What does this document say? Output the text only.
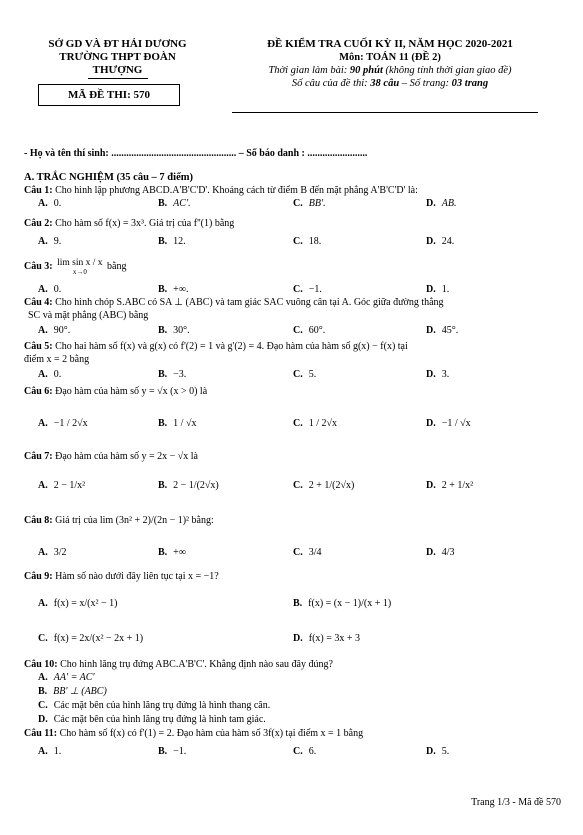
SỞ GD VÀ ĐT HẢI DƯƠNG
TRƯỜNG THPT ĐOÀN
THƯỢNG
MÃ ĐỀ THI: 570
ĐỀ KIỂM TRA CUỐI KỲ II, NĂM HỌC 2020-2021
Môn: TOÁN 11 (ĐỀ 2)
Thời gian làm bài: 90 phút (không tính thời gian giao đề)
Số câu của đề thi: 38 câu – Số trang: 03 trang
- Họ và tên thí sinh: .................................................. – Số báo danh : ........................
A. TRẮC NGHIỆM (35 câu – 7 điểm)
Câu 1: Cho hình lập phương ABCD.A'B'C'D'. Khoảng cách từ điểm B đến mặt phẳng A'B'C'D' là:
A. 0.	B. AC'.	C. BB'.	D. AB.
Câu 2: Cho hàm số f(x) = 3x³. Giá trị của f''(1) bằng
A. 9.	B. 12.	C. 18.	D. 24.
Câu 3: lim sin x / x
x→0
bằng
A. 0.	B. +∞.	C. −1.	D. 1.
Câu 4: Cho hình chóp S.ABC có SA ⊥ (ABC) và tam giác SAC vuông cân tại A. Góc giữa đường thẳng
SC và mặt phẳng (ABC) bằng
A. 90°.	B. 30°.	C. 60°.	D. 45°.
Câu 5: Cho hai hàm số f(x) và g(x) có f'(2) = 1 và g'(2) = 4. Đạo hàm của hàm số g(x) − f(x) tại
điểm x = 2 bằng
A. 0.	B. −3.	C. 5.	D. 3.
Câu 6: Đạo hàm của hàm số y = √x (x > 0) là
A. −1 / 2√x	B. 1 / √x	C. 1 / 2√x	D. −1 / √x
Câu 7: Đạo hàm của hàm số y = 2x − √x là
A. 2 − 1/x²	B. 2 − 1/(2√x)	C. 2 + 1/(2√x)	D. 2 + 1/x²
Câu 8: Giá trị của lim (3n² + 2)/(2n − 1)² bằng:
A. 3/2	B. +∞	C. 3/4	D. 4/3
Câu 9: Hàm số nào dưới đây liên tục tại x = −1?
A. f(x) = x/(x² − 1)	B. f(x) = (x − 1)/(x + 1)
C. f(x) = 2x/(x² − 2x + 1)	D. f(x) = 3x + 3
Câu 10: Cho hình lăng trụ đứng ABC.A'B'C'. Khẳng định nào sau đây đúng?
A. AA' = AC'
B. BB' ⊥ (ABC)
C. Các mặt bên của hình lăng trụ đứng là hình thang cân.
D. Các mặt bên của hình lăng trụ đứng là hình tam giác.
Câu 11: Cho hàm số f(x) có f'(1) = 2. Đạo hàm của hàm số 3f(x) tại điểm x = 1 bằng
A. 1.	B. −1.	C. 6.	D. 5.
Trang 1/3 - Mã đề 570
